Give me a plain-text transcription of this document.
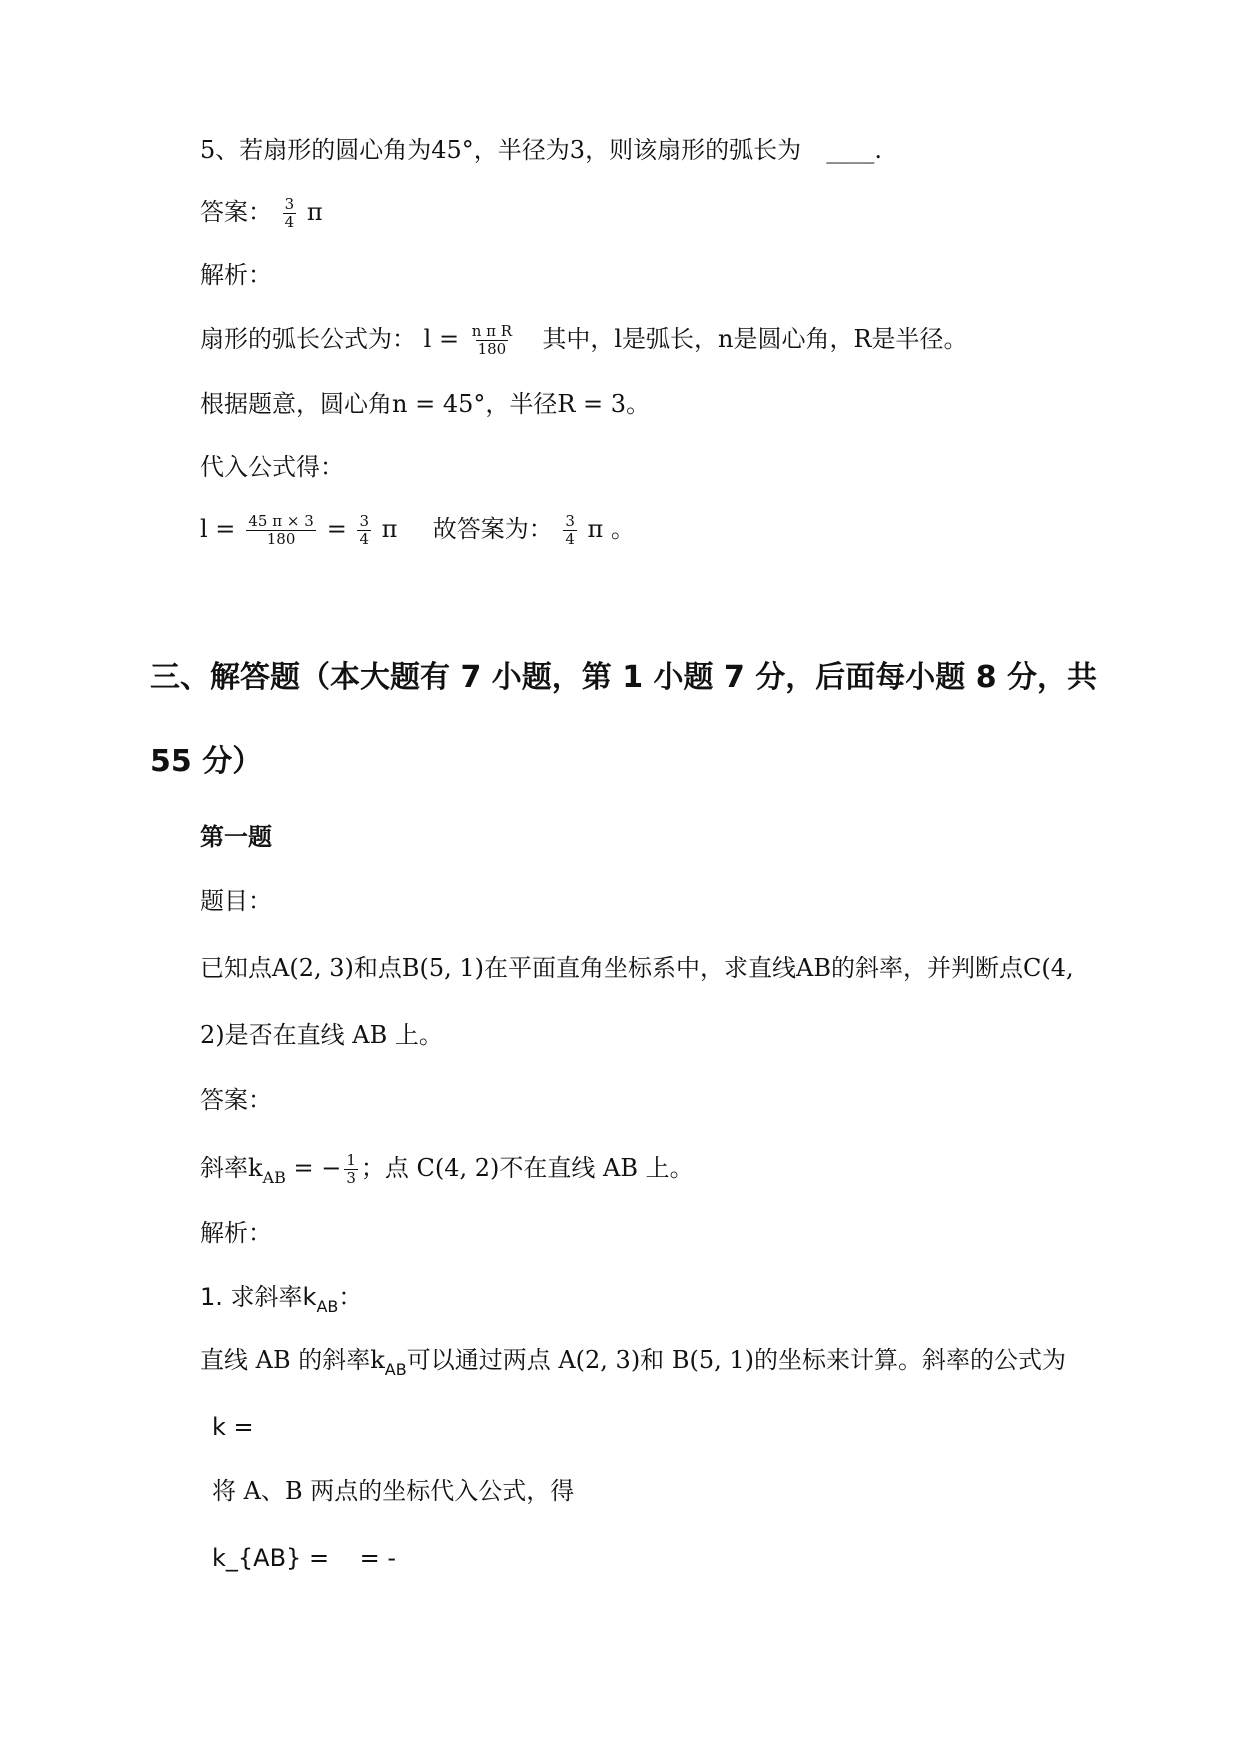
5、若扇形的圆心角为45°，半径为3，则该扇形的弧长为 ____.
答案： $\frac{3}{4}$ π
解析：
扇形的弧长公式为： $l = \frac{\text{n π R}}{180}$ 其中，l是弧长，n是圆心角，R是半径。
根据题意，圆心角n = 45°，半径R = 3。
代入公式得：
$l = \frac{45 \pi \times 3}{180} = \frac{3}{4}$ π 故答案为： $\frac{3}{4}$ π 。
三、解答题（本大题有 7 小题，第 1 小题 7 分，后面每小题 8 分，共
55 分）
第一题
题目：
已知点A(2, 3)和点B(5, 1)在平面直角坐标系中，求直线AB的斜率，并判断点C(4,
2)是否在直线 AB 上。
答案：
斜率$k_{AB}$ = − $\frac{1}{3}$ ；点 C(4, 2)不在直线 AB 上。
解析：
1. 求斜率$k_{AB}$：
直线 AB 的斜率$k_{AB}$可以通过两点 A(2, 3)和 B(5, 1)的坐标来计算。斜率的公式为
k =
将 A、B 两点的坐标代入公式，得
k_{AB} =    = -
